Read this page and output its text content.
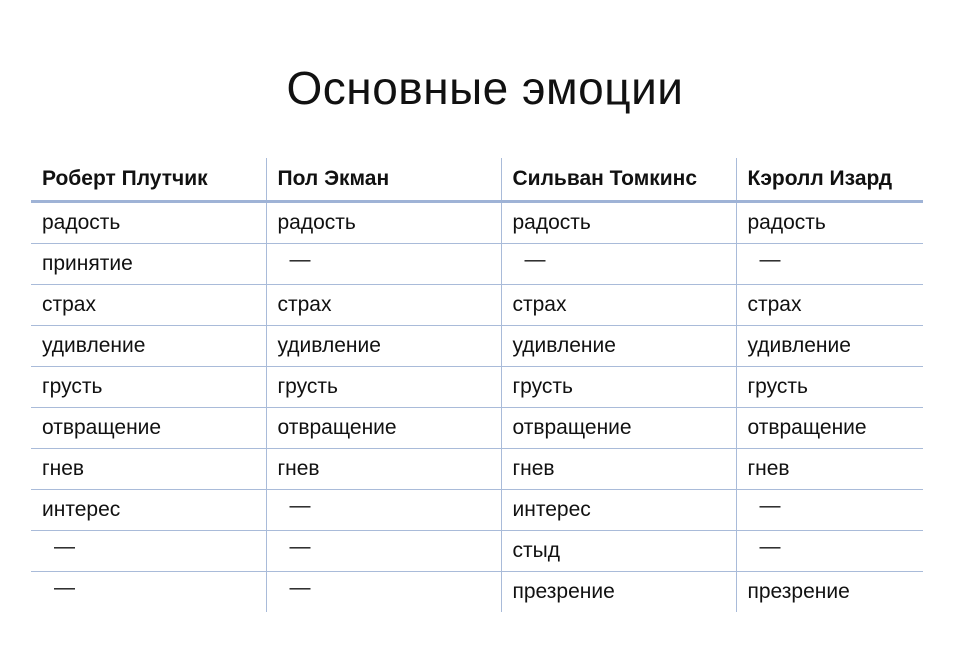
Основные эмоции
Роберт Плутчик	Пол Экман	Сильван Томкинс	Кэролл Изард
радость	радость	радость	радость
принятие	—	—	—
страх	страх	страх	страх
удивление	удивление	удивление	удивление
грусть	грусть	грусть	грусть
отвращение	отвращение	отвращение	отвращение
гнев	гнев	гнев	гнев
интерес	—	интерес	—
—	—	стыд	—
—	—	презрение	презрение
